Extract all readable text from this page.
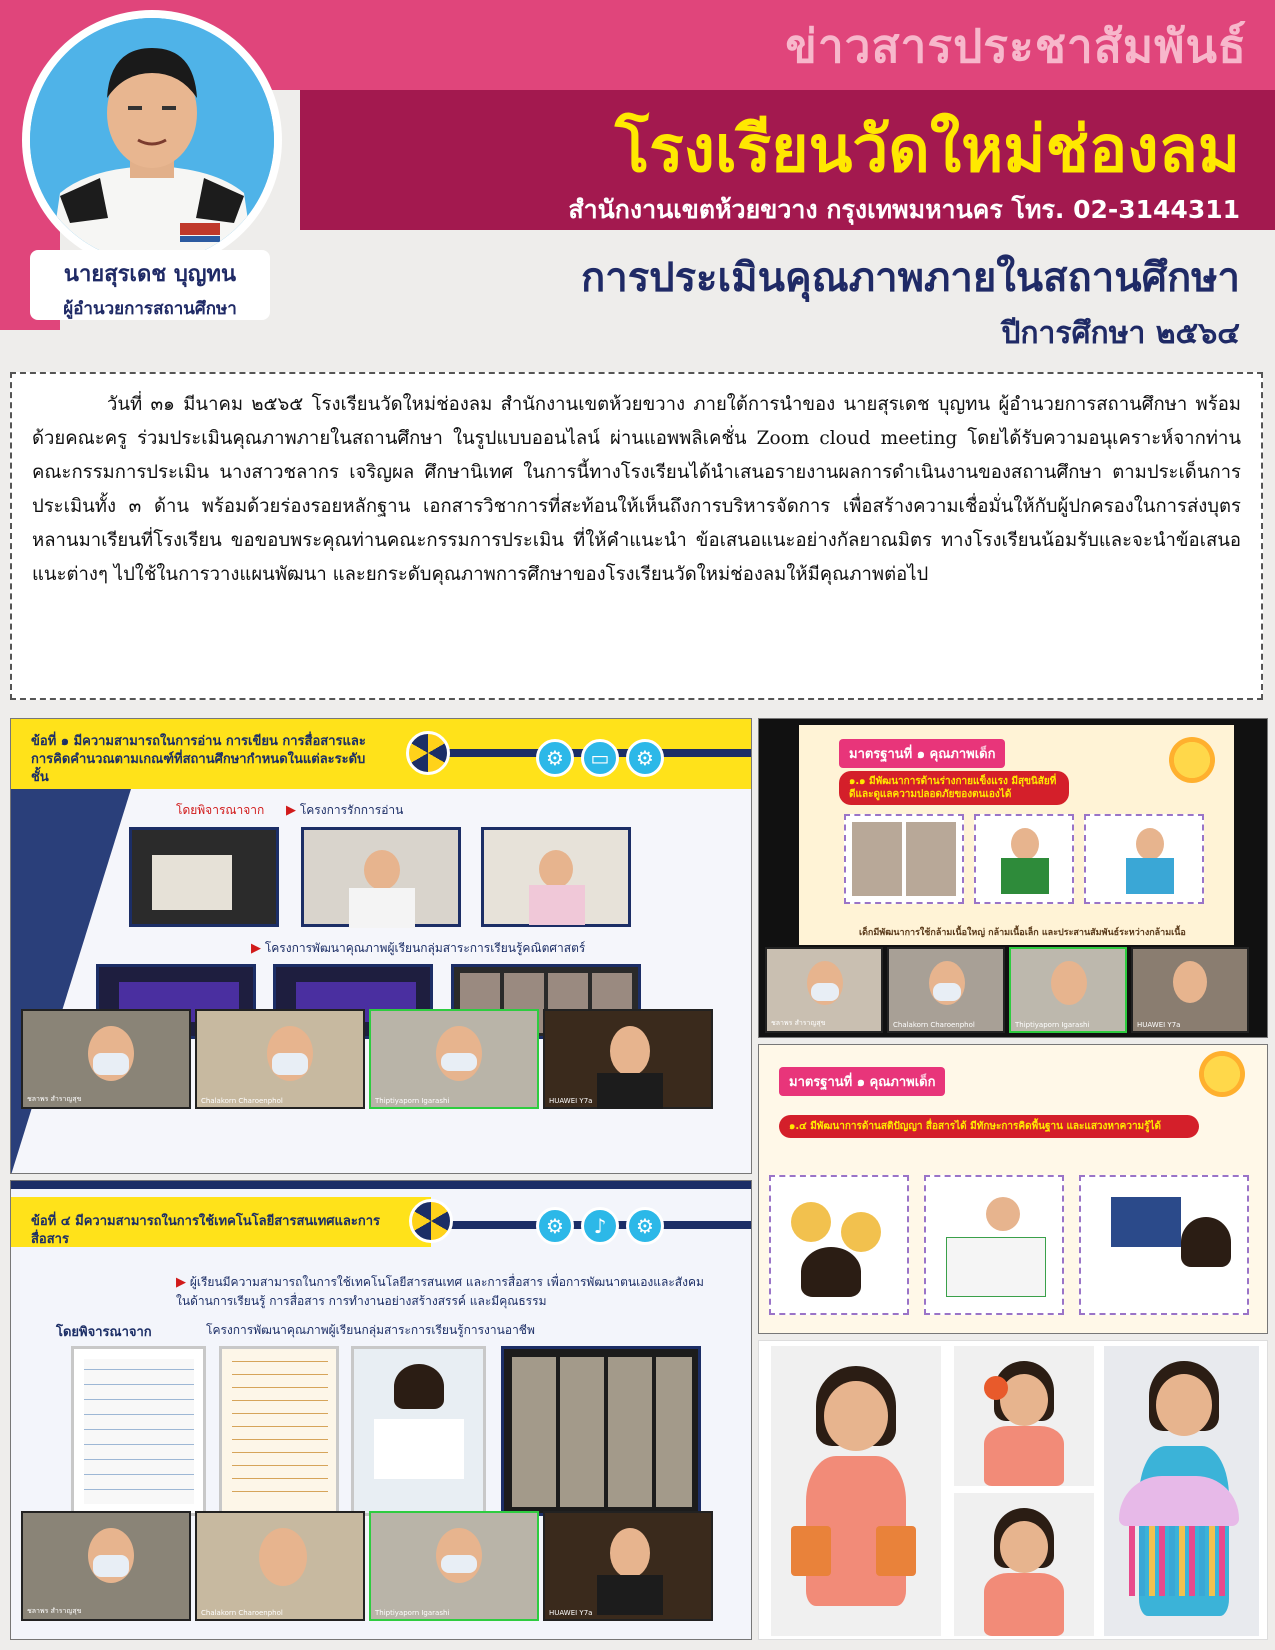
ข่าวสารประชาสัมพันธ์
โรงเรียนวัดใหม่ช่องลม
สำนักงานเขตห้วยขวาง กรุงเทพมหานคร โทร. 02-3144311
นายสุรเดช บุญทน
ผู้อำนวยการสถานศึกษา
การประเมินคุณภาพภายในสถานศึกษา
ปีการศึกษา ๒๕๖๔

วันที่ ๓๑ มีนาคม ๒๕๖๕ โรงเรียนวัดใหม่ช่องลม สำนักงานเขตห้วยขวาง ภายใต้การนำของ นายสุรเดช บุญทน ผู้อำนวยการสถานศึกษา พร้อมด้วยคณะครู ร่วมประเมินคุณภาพภายในสถานศึกษา ในรูปแบบออนไลน์ ผ่านแอพพลิเคชั่น Zoom cloud meeting โดยได้รับความอนุเคราะห์จากท่านคณะกรรมการประเมิน นางสาวชลากร เจริญผล ศึกษานิเทศ ในการนี้ทางโรงเรียนได้นำเสนอรายงานผลการดำเนินงานของสถานศึกษา ตามประเด็นการประเมินทั้ง ๓ ด้าน พร้อมด้วยร่องรอยหลักฐาน เอกสารวิชาการที่สะท้อนให้เห็นถึงการบริหารจัดการ เพื่อสร้างความเชื่อมั่นให้กับผู้ปกครองในการส่งบุตรหลานมาเรียนที่โรงเรียน ขอขอบพระคุณท่านคณะกรรมการประเมิน ที่ให้คำแนะนำ ข้อเสนอแนะอย่างกัลยาณมิตร ทางโรงเรียนน้อมรับและจะนำข้อเสนอแนะต่างๆ ไปใช้ในการวางแผนพัฒนา และยกระดับคุณภาพการศึกษาของโรงเรียนวัดใหม่ช่องลมให้มีคุณภาพต่อไป

ข้อที่ ๑ มีความสามารถในการอ่าน การเขียน การสื่อสารและการคิดคำนวณตามเกณฑ์ที่สถานศึกษากำหนดในแต่ละระดับชั้น
⚙	▭	⚙
โดยพิจารณาจาก ▶ โครงการรักการอ่าน
▶ โครงการพัฒนาคุณภาพผู้เรียนกลุ่มสาระการเรียนรู้คณิตศาสตร์
ชลาพร สำราญสุข	Chalakorn Charoenphol	Thiptiyaporn Igarashi	HUAWEI Y7a
ข้อที่ ๔ มีความสามารถในการใช้เทคโนโลยีสารสนเทศและการสื่อสาร
⚙	♪	⚙
▶ ผู้เรียนมีความสามารถในการใช้เทคโนโลยีสารสนเทศ และการสื่อสาร เพื่อการพัฒนาตนเองและสังคมในด้านการเรียนรู้ การสื่อสาร การทำงานอย่างสร้างสรรค์ และมีคุณธรรม
โดยพิจารณาจาก	โครงการพัฒนาคุณภาพผู้เรียนกลุ่มสาระการเรียนรู้การงานอาชีพ
ชลาพร สำราญสุข	Chalakorn Charoenphol	Thiptiyaporn Igarashi	HUAWEI Y7a
มาตรฐานที่ ๑ คุณภาพเด็ก
๑.๑ มีพัฒนาการด้านร่างกายแข็งแรง มีสุขนิสัยที่ดีและดูแลความปลอดภัยของตนเองได้
เด็กมีพัฒนาการใช้กล้ามเนื้อใหญ่ กล้ามเนื้อเล็ก และประสานสัมพันธ์ระหว่างกล้ามเนื้อ
ชลาพร สำราญสุข	Chalakorn Charoenphol	Thiptiyaporn Igarashi	HUAWEI Y7a
มาตรฐานที่ ๑ คุณภาพเด็ก
๑.๔ มีพัฒนาการด้านสติปัญญา สื่อสารได้ มีทักษะการคิดพื้นฐาน และแสวงหาความรู้ได้
